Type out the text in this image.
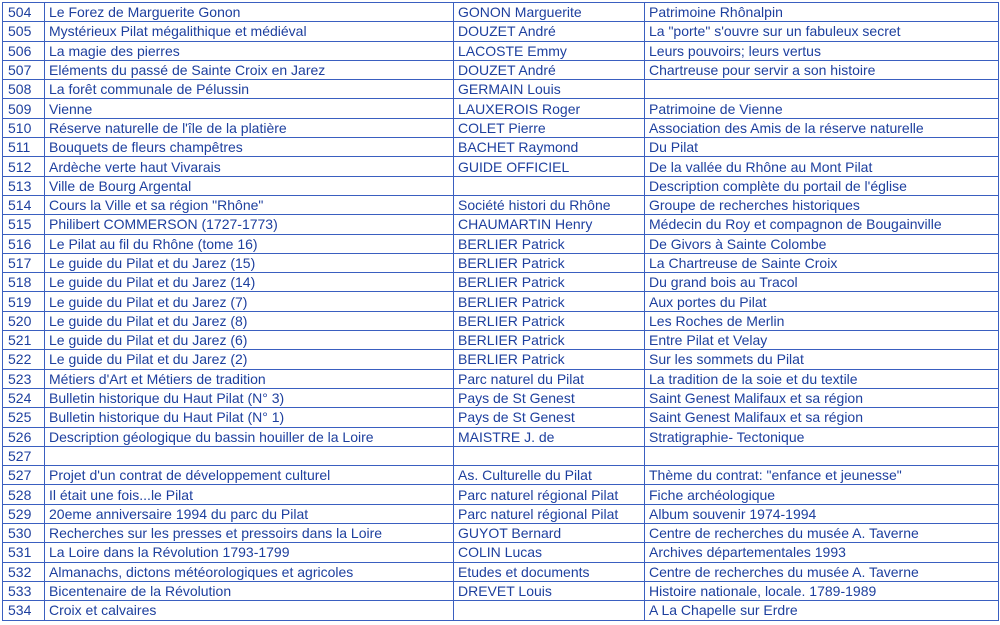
504	Le Forez de Marguerite Gonon	GONON Marguerite	Patrimoine Rhônalpin
505	Mystérieux Pilat mégalithique et médiéval	DOUZET André	La "porte" s'ouvre sur un fabuleux secret
506	La magie des pierres	LACOSTE Emmy	Leurs pouvoirs; leurs vertus
507	Eléments du passé de Sainte Croix en Jarez	DOUZET André	Chartreuse pour servir a son histoire
508	La forêt communale de Pélussin	GERMAIN Louis	
509	Vienne	LAUXEROIS Roger	Patrimoine de Vienne
510	Réserve naturelle de l'île de la platière	COLET Pierre	Association des Amis de la réserve naturelle
511	Bouquets de fleurs champêtres	BACHET Raymond	Du Pilat
512	Ardèche verte haut Vivarais	GUIDE OFFICIEL	De la vallée du Rhône au Mont Pilat
513	Ville de Bourg Argental		Description complète du portail de l'église
514	Cours la Ville et sa région "Rhône"	Société histori du Rhône	Groupe de recherches historiques
515	Philibert COMMERSON (1727-1773)	CHAUMARTIN Henry	Médecin du Roy et compagnon de Bougainville
516	Le Pilat au fil du Rhône (tome 16)	BERLIER Patrick	De Givors à Sainte Colombe
517	Le guide du Pilat et du Jarez (15)	BERLIER Patrick	La Chartreuse de Sainte Croix
518	Le guide du Pilat et du Jarez (14)	BERLIER Patrick	Du grand bois au Tracol
519	Le guide du Pilat et du Jarez (7)	BERLIER Patrick	Aux portes du Pilat
520	Le guide du Pilat et du Jarez (8)	BERLIER Patrick	Les Roches de Merlin
521	Le guide du Pilat et du Jarez (6)	BERLIER Patrick	Entre Pilat et Velay
522	Le guide du Pilat et du Jarez (2)	BERLIER Patrick	Sur les sommets du Pilat
523	Métiers d'Art et Métiers de tradition	Parc naturel du Pilat	La tradition de la soie et du textile
524	Bulletin historique du Haut Pilat (N° 3)	Pays de St Genest	Saint Genest Malifaux et sa région
525	Bulletin historique du Haut Pilat (N° 1)	Pays de St Genest	Saint Genest Malifaux et sa région
526	Description géologique du bassin houiller de la Loire	MAISTRE J. de	Stratigraphie- Tectonique
527			
527	Projet d'un contrat de développement culturel	As. Culturelle du Pilat	Thème du contrat: "enfance et jeunesse"
528	Il était une fois...le Pilat	Parc naturel régional Pilat	Fiche archéologique
529	20eme anniversaire 1994 du parc du Pilat	Parc naturel régional Pilat	Album souvenir 1974-1994
530	Recherches sur les presses et pressoirs dans la Loire	GUYOT Bernard	Centre de recherches du musée A. Taverne
531	La Loire dans la Révolution 1793-1799	COLIN Lucas	Archives départementales 1993
532	Almanachs, dictons météorologiques et agricoles	Etudes et documents	Centre de recherches du musée A. Taverne
533	Bicentenaire de la Révolution	DREVET Louis	Histoire nationale, locale. 1789-1989
534	Croix et calvaires		A La Chapelle sur Erdre
